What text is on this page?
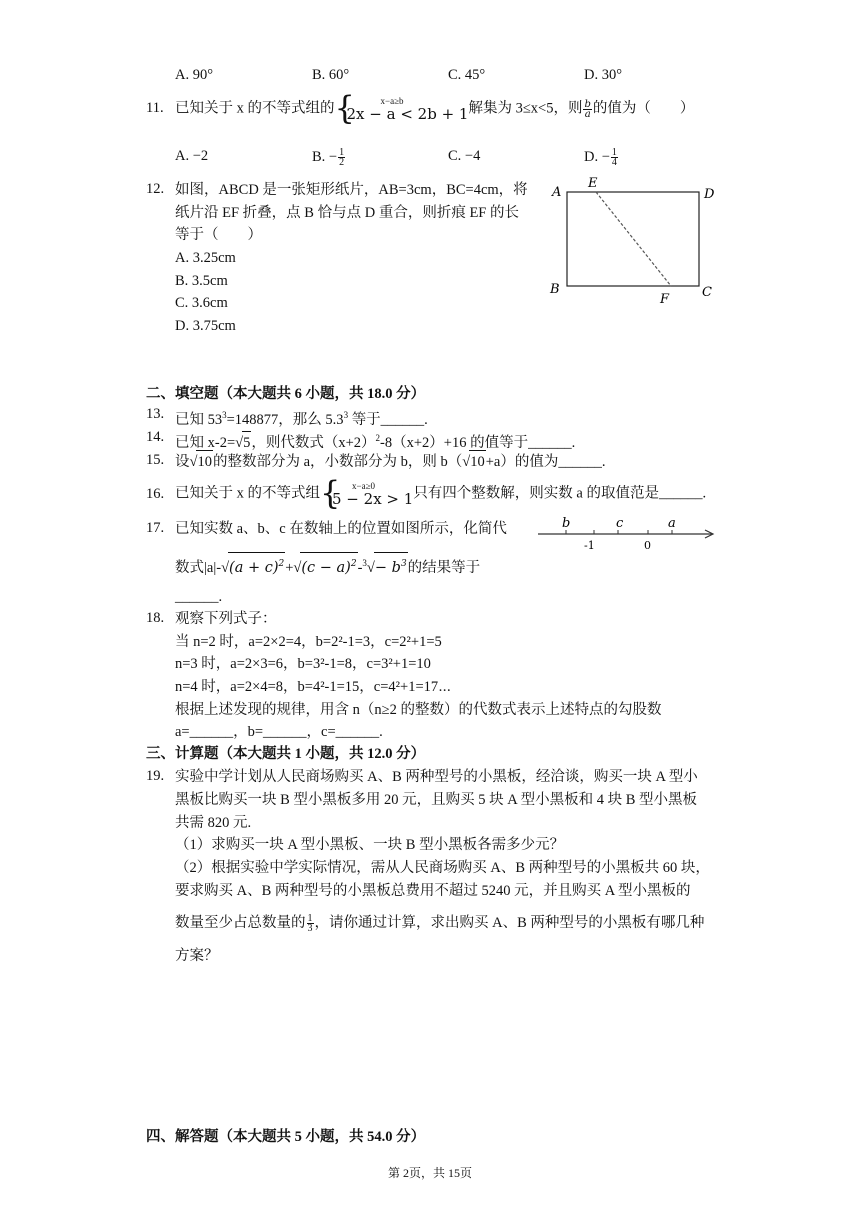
A. 90°	B. 60°	C. 45°	D. 30°
11. 已知关于 x 的不等式组的 {	x−a≥b
2x − a < 2b + 1 解集为 3≤x<5，则 $\frac{b}{a}$ 的值为（　　）
A. −2	B. − $\frac{1}{2}$	C. −4	D. − $\frac{1}{4}$
12. 如图，ABCD 是一张矩形纸片，AB=3cm，BC=4cm，将
纸片沿 EF 折叠，点 B 恰与点 D 重合，则折痕 EF 的长
等于（　　）
A. 3.25cm
B. 3.5cm
C. 3.6cm
D. 3.75cm
A
E
D
B
F	C
二、填空题（本大题共 6 小题，共 18.0 分）
13. 已知 $53^3=148877$，那么 $5.3^3$ 等于______.
14. 已知 x-2=√5，则代数式$(x+2)^2-8(x+2)+16$ 的值等于______.
15. 设√10的整数部分为 a，小数部分为 b，则 b（√10+a）的值为______.
16. 已知关于 x 的不等式组 {	x−a≥0
5 − 2x > 1 只有四个整数解，则实数 a 的取值范是______.
17. 已知实数 a、b、c 在数轴上的位置如图所示，化简代
数式$|a|-√(a + c)^2+√(c - a)^2-^3√- b^3$的结果等于
______.
b	c	a
-1	0
18. 观察下列式子：
当 n=2 时，a=2×2=4，b=2²-1=3，c=2²+1=5
n=3 时，a=2×3=6，b=3²-1=8，c=3²+1=10
n=4 时，a=2×4=8，b=4²-1=15，c=4²+1=17⋯
根据上述发现的规律，用含 n（n≥2 的整数）的代数式表示上述特点的勾股数
a=______，b=______，c=______.
三、计算题（本大题共 1 小题，共 12.0 分）
19. 实验中学计划从人民商场购买 A、B 两种型号的小黑板，经洽谈，购买一块 A 型小
黑板比购买一块 B 型小黑板多用 20 元，且购买 5 块 A 型小黑板和 4 块 B 型小黑板
共需 820 元.
（1）求购买一块 A 型小黑板、一块 B 型小黑板各需多少元？
（2）根据实验中学实际情况，需从人民商场购买 A、B 两种型号的小黑板共 60 块，
要求购买 A、B 两种型号的小黑板总费用不超过 5240 元，并且购买 A 型小黑板的
数量至少占总数量的 $\frac{1}{3}$ ，请你通过计算，求出购买 A、B 两种型号的小黑板有哪几种
方案？
四、解答题（本大题共 5 小题，共 54.0 分）
第 2页，共 15页
